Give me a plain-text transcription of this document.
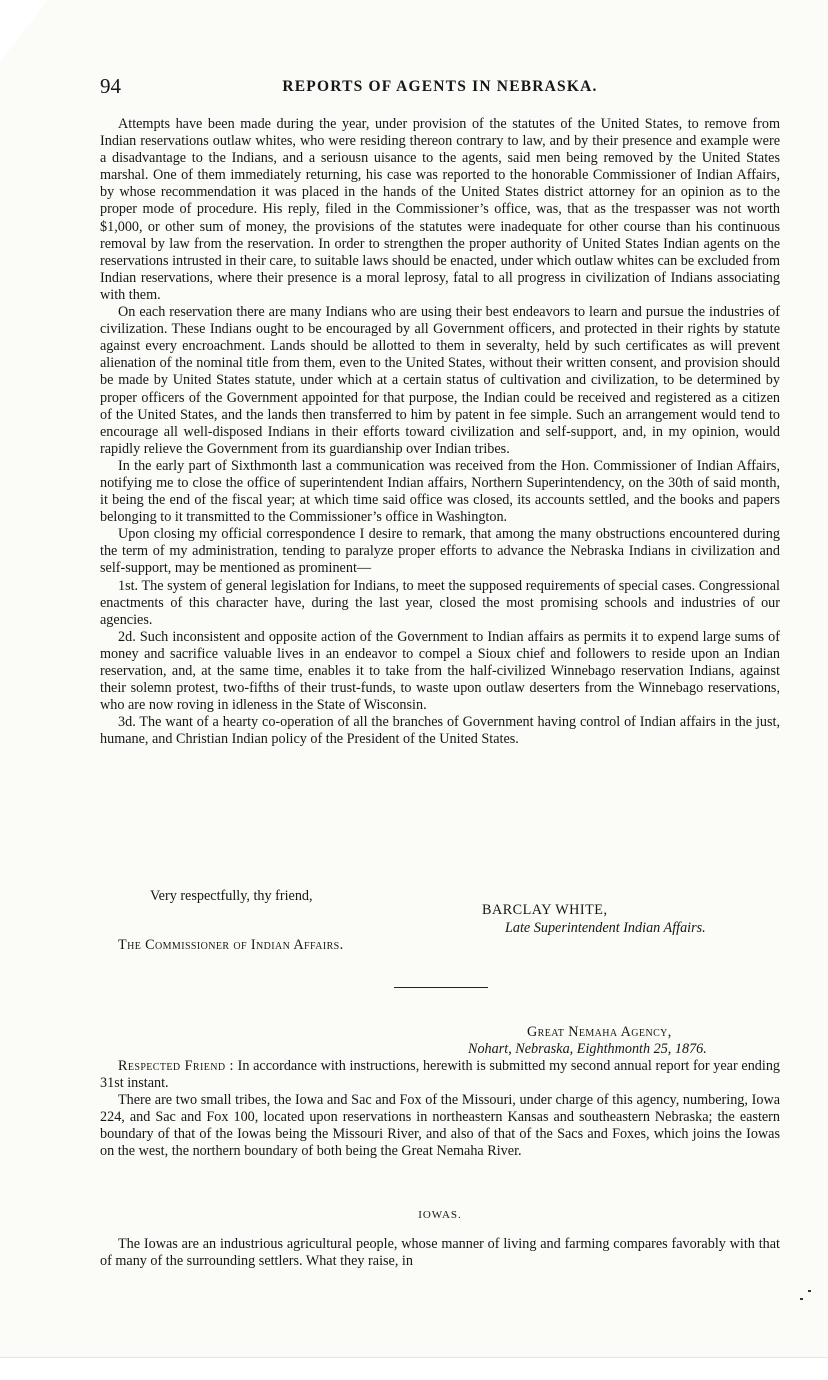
94	REPORTS OF AGENTS IN NEBRASKA.

Attempts have been made during the year, under provision of the statutes of the United States, to remove from Indian reservations outlaw whites, who were residing thereon contrary to law, and by their presence and example were a disadvantage to the Indians, and a seriousn uisance to the agents, said men being removed by the United States marshal. One of them immediately returning, his case was reported to the honorable Commissioner of Indian Affairs, by whose recommendation it was placed in the hands of the United States district attorney for an opinion as to the proper mode of procedure. His reply, filed in the Commissioner’s office, was, that as the trespasser was not worth $1,000, or other sum of money, the provisions of the statutes were inadequate for other course than his continuous removal by law from the reservation. In order to strengthen the proper authority of United States Indian agents on the reservations intrusted in their care, to suitable laws should be enacted, under which outlaw whites can be excluded from Indian reservations, where their presence is a moral leprosy, fatal to all progress in civilization of Indians associating with them.

On each reservation there are many Indians who are using their best endeavors to learn and pursue the industries of civilization. These Indians ought to be encouraged by all Government officers, and protected in their rights by statute against every encroachment. Lands should be allotted to them in severalty, held by such certificates as will prevent alienation of the nominal title from them, even to the United States, without their written consent, and provision should be made by United States statute, under which at a certain status of cultivation and civilization, to be determined by proper officers of the Government appointed for that purpose, the Indian could be received and registered as a citizen of the United States, and the lands then transferred to him by patent in fee simple. Such an arrangement would tend to encourage all well-disposed Indians in their efforts toward civilization and self-support, and, in my opinion, would rapidly relieve the Government from its guardianship over Indian tribes.

In the early part of Sixthmonth last a communication was received from the Hon. Commissioner of Indian Affairs, notifying me to close the office of superintendent Indian affairs, Northern Superintendency, on the 30th of said month, it being the end of the fiscal year; at which time said office was closed, its accounts settled, and the books and papers belonging to it transmitted to the Commissioner’s office in Washington.

Upon closing my official correspondence I desire to remark, that among the many obstructions encountered during the term of my administration, tending to paralyze proper efforts to advance the Nebraska Indians in civilization and self-support, may be mentioned as prominent—

1st. The system of general legislation for Indians, to meet the supposed requirements of special cases. Congressional enactments of this character have, during the last year, closed the most promising schools and industries of our agencies.

2d. Such inconsistent and opposite action of the Government to Indian affairs as permits it to expend large sums of money and sacrifice valuable lives in an endeavor to compel a Sioux chief and followers to reside upon an Indian reservation, and, at the same time, enables it to take from the half-civilized Winnebago reservation Indians, against their solemn protest, two-fifths of their trust-funds, to waste upon outlaw deserters from the Winnebago reservations, who are now roving in idleness in the State of Wisconsin.

3d. The want of a hearty co-operation of all the branches of Government having control of Indian affairs in the just, humane, and Christian Indian policy of the President of the United States.

Very respectfully, thy friend,
BARCLAY WHITE,
Late Superintendent Indian Affairs.
The Commissioner of Indian Affairs.
Great Nemaha Agency,
Nohart, Nebraska, Eighthmonth 25, 1876.

Respected Friend : In accordance with instructions, herewith is submitted my second annual report for year ending 31st instant.

There are two small tribes, the Iowa and Sac and Fox of the Missouri, under charge of this agency, numbering, Iowa 224, and Sac and Fox 100, located upon reservations in northeastern Kansas and southeastern Nebraska; the eastern boundary of that of the Iowas being the Missouri River, and also of that of the Sacs and Foxes, which joins the Iowas on the west, the northern boundary of both being the Great Nemaha River.

IOWAS.

The Iowas are an industrious agricultural people, whose manner of living and farming compares favorably with that of many of the surrounding settlers. What they raise, in
